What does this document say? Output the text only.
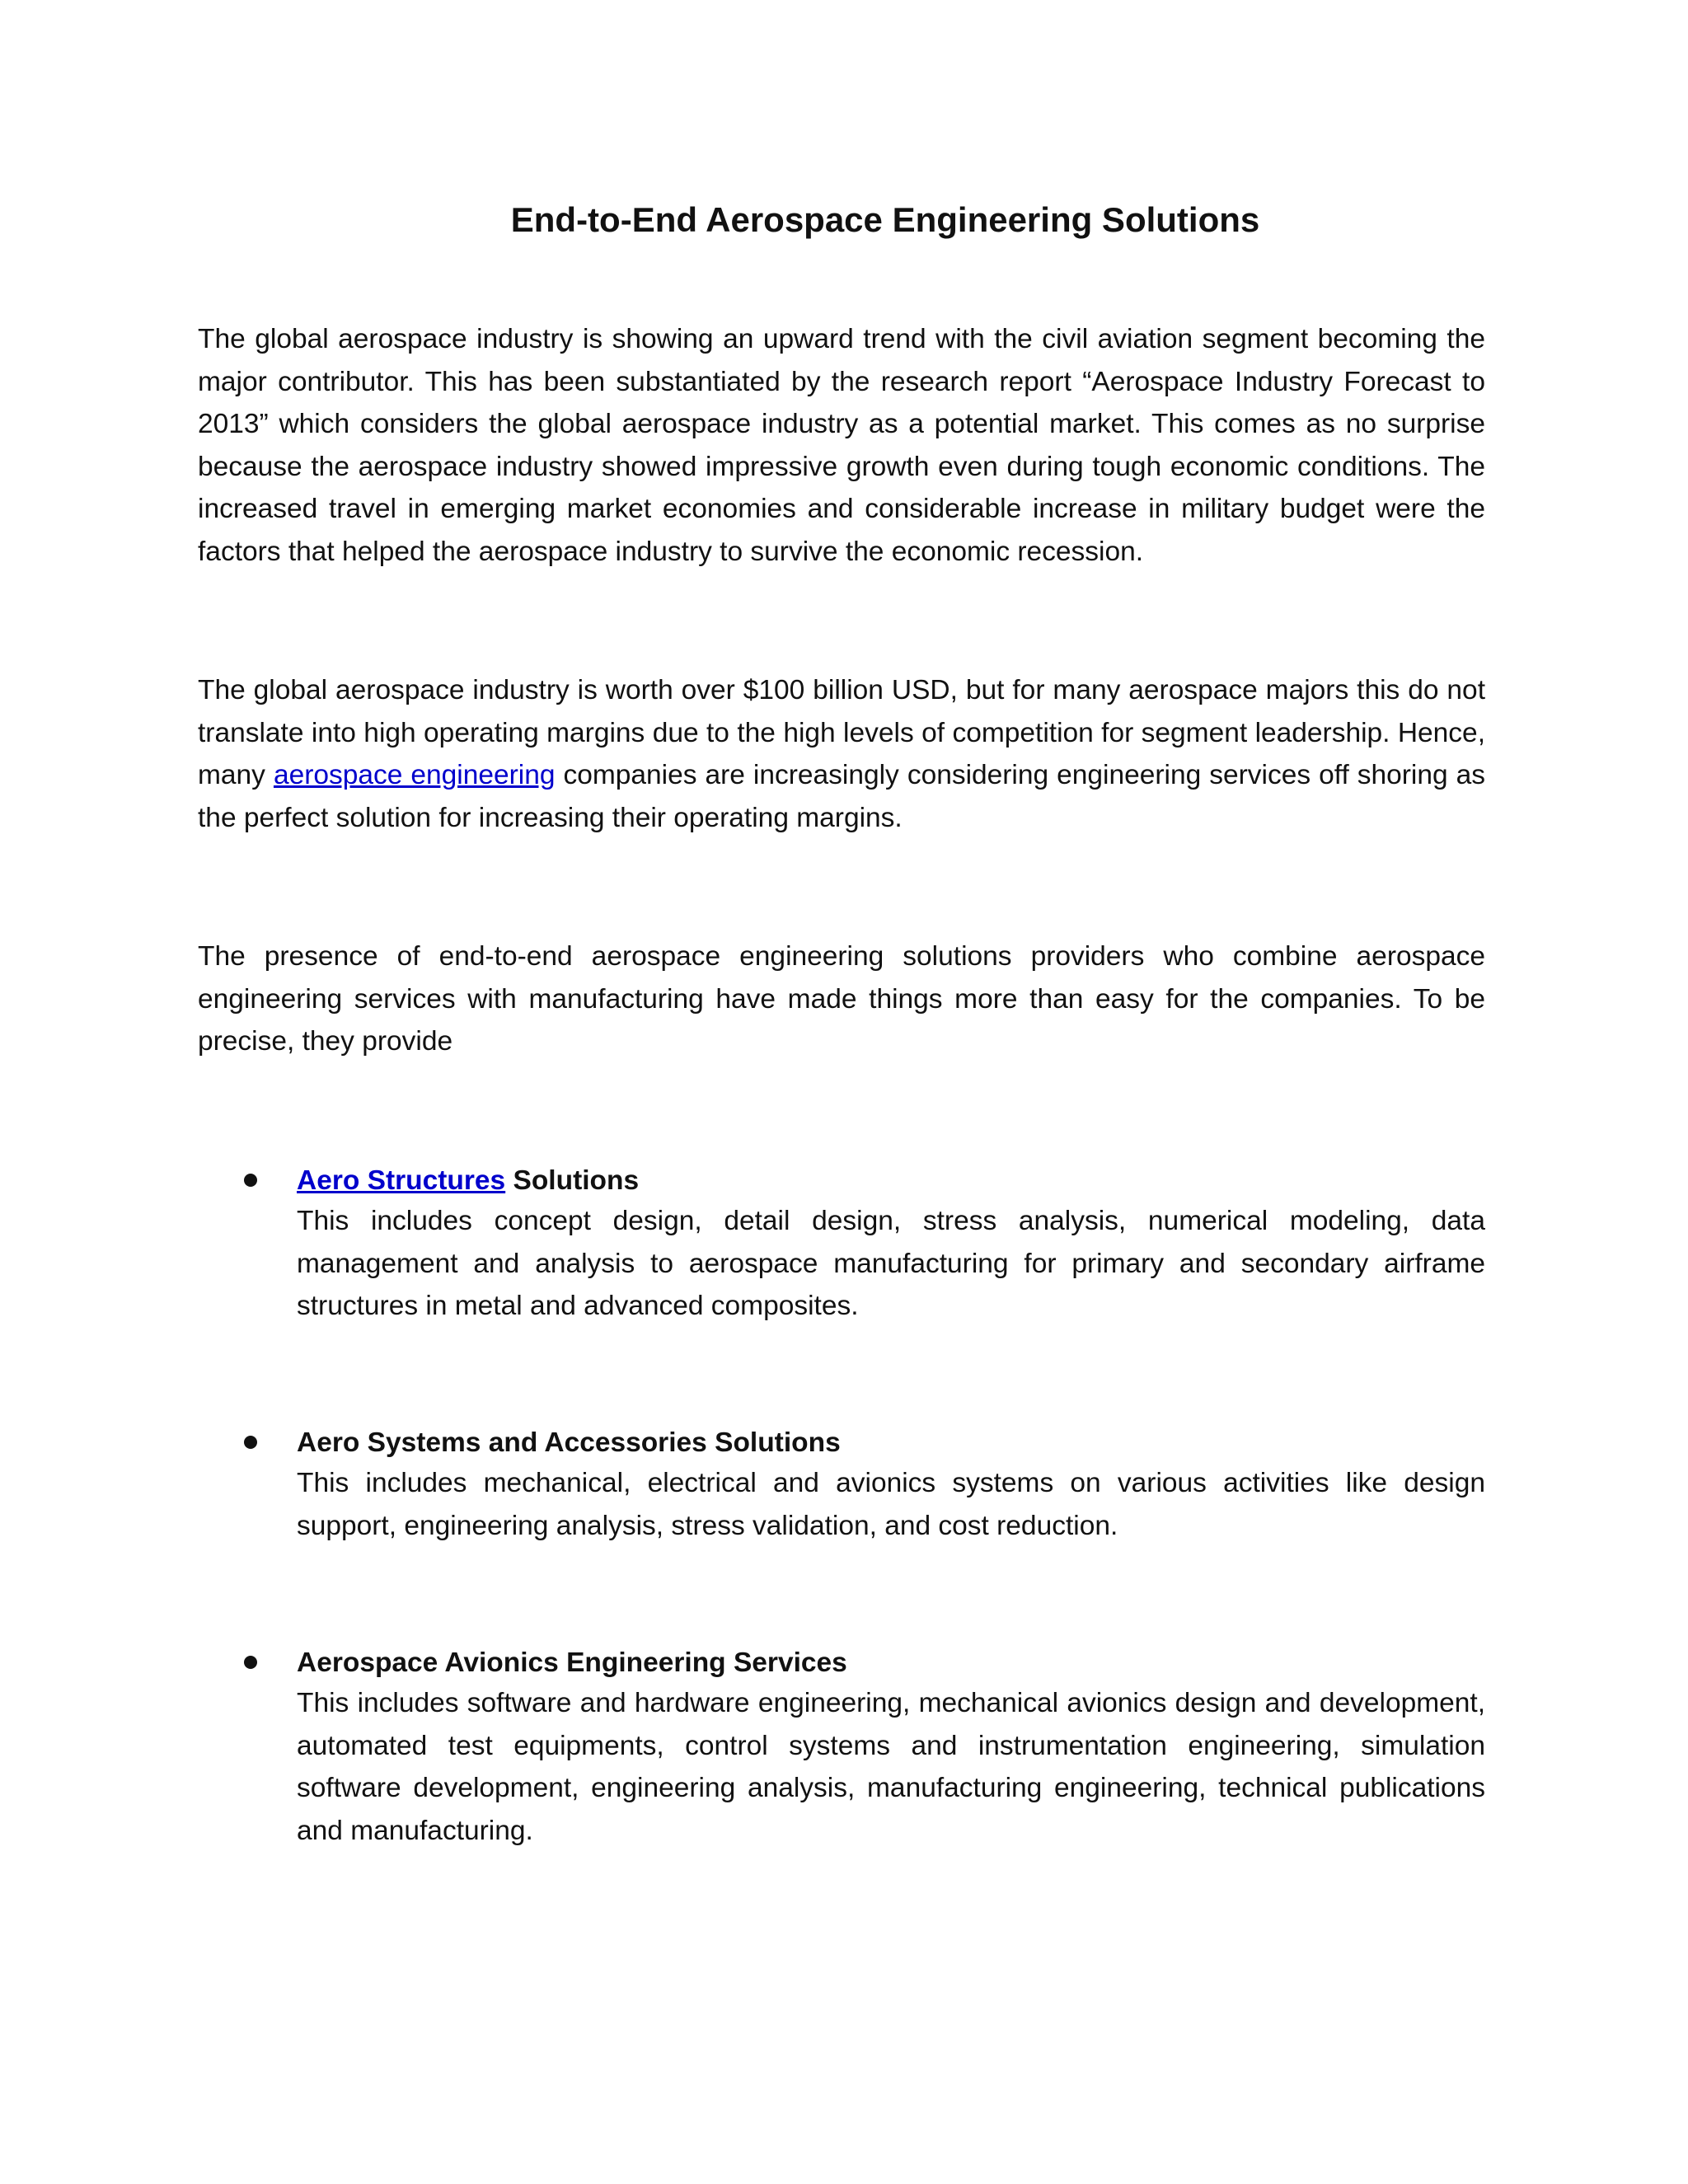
End-to-End Aerospace Engineering Solutions

The global aerospace industry is showing an upward trend with the civil aviation segment becoming the major contributor. This has been substantiated by the research report “Aerospace Industry Forecast to 2013” which considers the global aerospace industry as a potential market. This comes as no surprise because the aerospace industry showed impressive growth even during tough economic conditions. The increased travel in emerging market economies and considerable increase in military budget were the factors that helped the aerospace industry to survive the economic recession.

The global aerospace industry is worth over $100 billion USD, but for many aerospace majors this do not translate into high operating margins due to the high levels of competition for segment leadership. Hence, many aerospace engineering companies are increasingly considering engineering services off shoring as the perfect solution for increasing their operating margins.

The presence of end-to-end aerospace engineering solutions providers who combine aerospace engineering services with manufacturing have made things more than easy for the companies. To be precise, they provide

Aero Structures Solutions

This includes concept design, detail design, stress analysis, numerical modeling, data management and analysis to aerospace manufacturing for primary and secondary airframe structures in metal and advanced composites.

Aero Systems and Accessories Solutions

This includes mechanical, electrical and avionics systems on various activities like design support, engineering analysis, stress validation, and cost reduction.

Aerospace Avionics Engineering Services

This includes software and hardware engineering, mechanical avionics design and development, automated test equipments, control systems and instrumentation engineering, simulation software development, engineering analysis, manufacturing engineering, technical publications and manufacturing.
